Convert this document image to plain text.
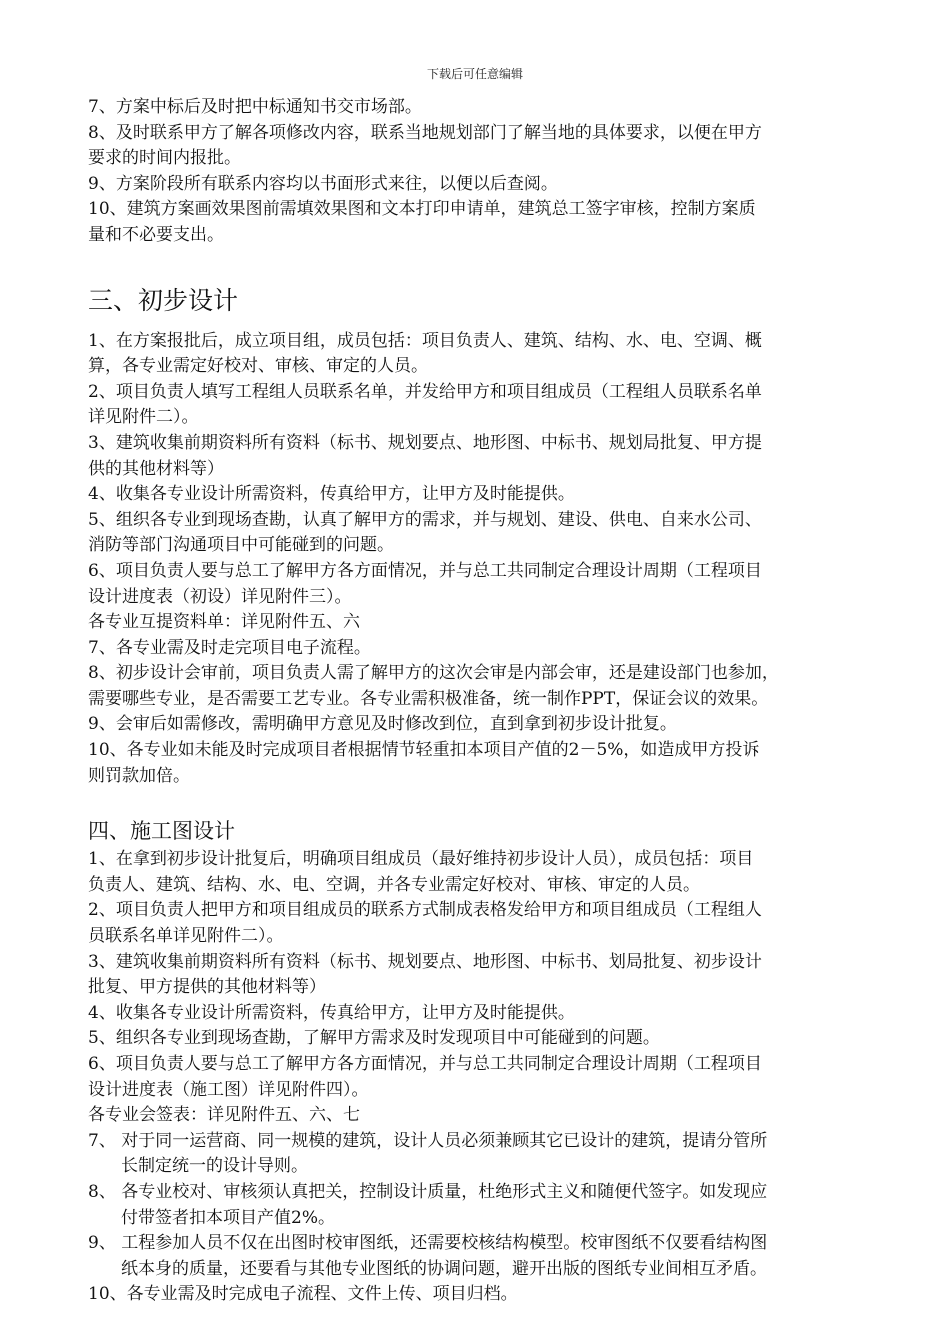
下载后可任意编辑
7、方案中标后及时把中标通知书交市场部。
8、及时联系甲方了解各项修改内容，联系当地规划部门了解当地的具体要求，以便在甲方
要求的时间内报批。
9、方案阶段所有联系内容均以书面形式来往，以便以后查阅。
10、建筑方案画效果图前需填效果图和文本打印申请单，建筑总工签字审核，控制方案质
量和不必要支出。
三、初步设计
1、在方案报批后，成立项目组，成员包括：项目负责人、建筑、结构、水、电、空调、概
算，各专业需定好校对、审核、审定的人员。
2、项目负责人填写工程组人员联系名单，并发给甲方和项目组成员（工程组人员联系名单
详见附件二）。
3、建筑收集前期资料所有资料（标书、规划要点、地形图、中标书、规划局批复、甲方提
供的其他材料等）
4、收集各专业设计所需资料，传真给甲方，让甲方及时能提供。
5、组织各专业到现场查勘，认真了解甲方的需求，并与规划、建设、供电、自来水公司、
消防等部门沟通项目中可能碰到的问题。
6、项目负责人要与总工了解甲方各方面情况，并与总工共同制定合理设计周期（工程项目
设计进度表（初设）详见附件三）。
各专业互提资料单：详见附件五、六
7、各专业需及时走完项目电子流程。
8、初步设计会审前，项目负责人需了解甲方的这次会审是内部会审，还是建设部门也参加，
需要哪些专业，是否需要工艺专业。各专业需积极准备，统一制作PPT，保证会议的效果。
9、会审后如需修改，需明确甲方意见及时修改到位，直到拿到初步设计批复。
10、各专业如未能及时完成项目者根据情节轻重扣本项目产值的2－5%，如造成甲方投诉
则罚款加倍。
四、施工图设计
1、在拿到初步设计批复后，明确项目组成员（最好维持初步设计人员），成员包括：项目
负责人、建筑、结构、水、电、空调，并各专业需定好校对、审核、审定的人员。
2、项目负责人把甲方和项目组成员的联系方式制成表格发给甲方和项目组成员（工程组人
员联系名单详见附件二）。
3、建筑收集前期资料所有资料（标书、规划要点、地形图、中标书、划局批复、初步设计
批复、甲方提供的其他材料等）
4、收集各专业设计所需资料，传真给甲方，让甲方及时能提供。
5、组织各专业到现场查勘，了解甲方需求及时发现项目中可能碰到的问题。
6、项目负责人要与总工了解甲方各方面情况，并与总工共同制定合理设计周期（工程项目
设计进度表（施工图）详见附件四）。
各专业会签表：详见附件五、六、七
7、 对于同一运营商、同一规模的建筑，设计人员必须兼顾其它已设计的建筑，提请分管所
长制定统一的设计导则。
8、 各专业校对、审核须认真把关，控制设计质量，杜绝形式主义和随便代签字。如发现应
付带签者扣本项目产值2%。
9、 工程参加人员不仅在出图时校审图纸，还需要校核结构模型。校审图纸不仅要看结构图
纸本身的质量，还要看与其他专业图纸的协调问题，避开出版的图纸专业间相互矛盾。
10、各专业需及时完成电子流程、文件上传、项目归档。
